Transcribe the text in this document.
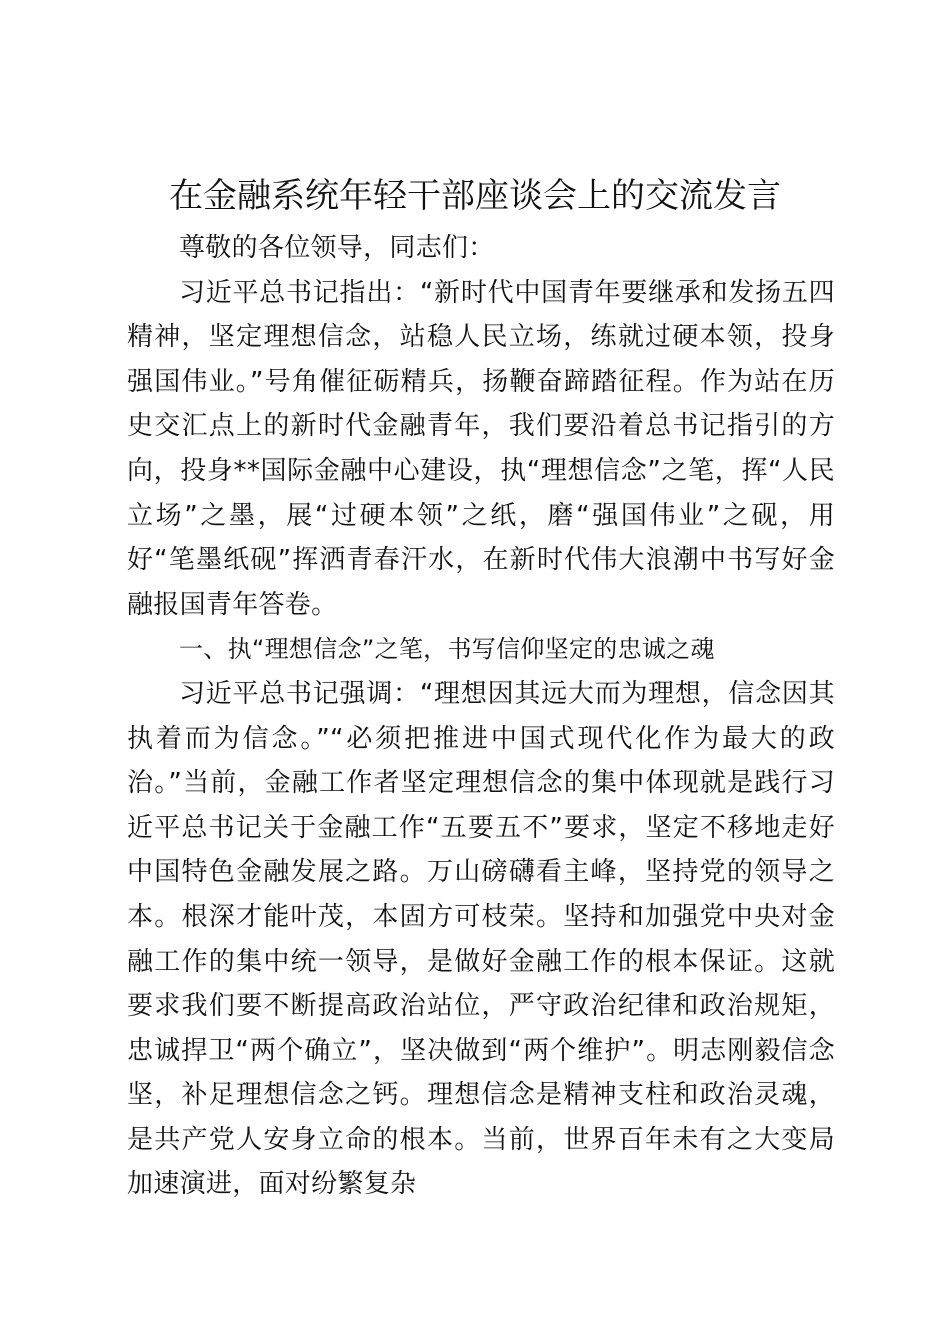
在金融系统年轻干部座谈会上的交流发言

尊敬的各位领导，同志们：

习近平总书记指出：“新时代中国青年要继承和发扬五四精神，坚定理想信念，站稳人民立场，练就过硬本领，投身强国伟业。”号角催征砺精兵，扬鞭奋蹄踏征程。作为站在历史交汇点上的新时代金融青年，我们要沿着总书记指引的方向，投身**国际金融中心建设，执“理想信念”之笔，挥“人民立场”之墨，展“过硬本领”之纸，磨“强国伟业”之砚，用好“笔墨纸砚”挥洒青春汗水，在新时代伟大浪潮中书写好金融报国青年答卷。

一、执“理想信念”之笔，书写信仰坚定的忠诚之魂

习近平总书记强调：“理想因其远大而为理想，信念因其执着而为信念。”“必须把推进中国式现代化作为最大的政治。”当前，金融工作者坚定理想信念的集中体现就是践行习近平总书记关于金融工作“五要五不”要求，坚定不移地走好中国特色金融发展之路。万山磅礴看主峰，坚持党的领导之本。根深才能叶茂，本固方可枝荣。坚持和加强党中央对金融工作的集中统一领导，是做好金融工作的根本保证。这就要求我们要不断提高政治站位，严守政治纪律和政治规矩，忠诚捍卫“两个确立”，坚决做到“两个维护”。明志刚毅信念坚，补足理想信念之钙。理想信念是精神支柱和政治灵魂，是共产党人安身立命的根本。当前，世界百年未有之大变局加速演进，面对纷繁复杂
